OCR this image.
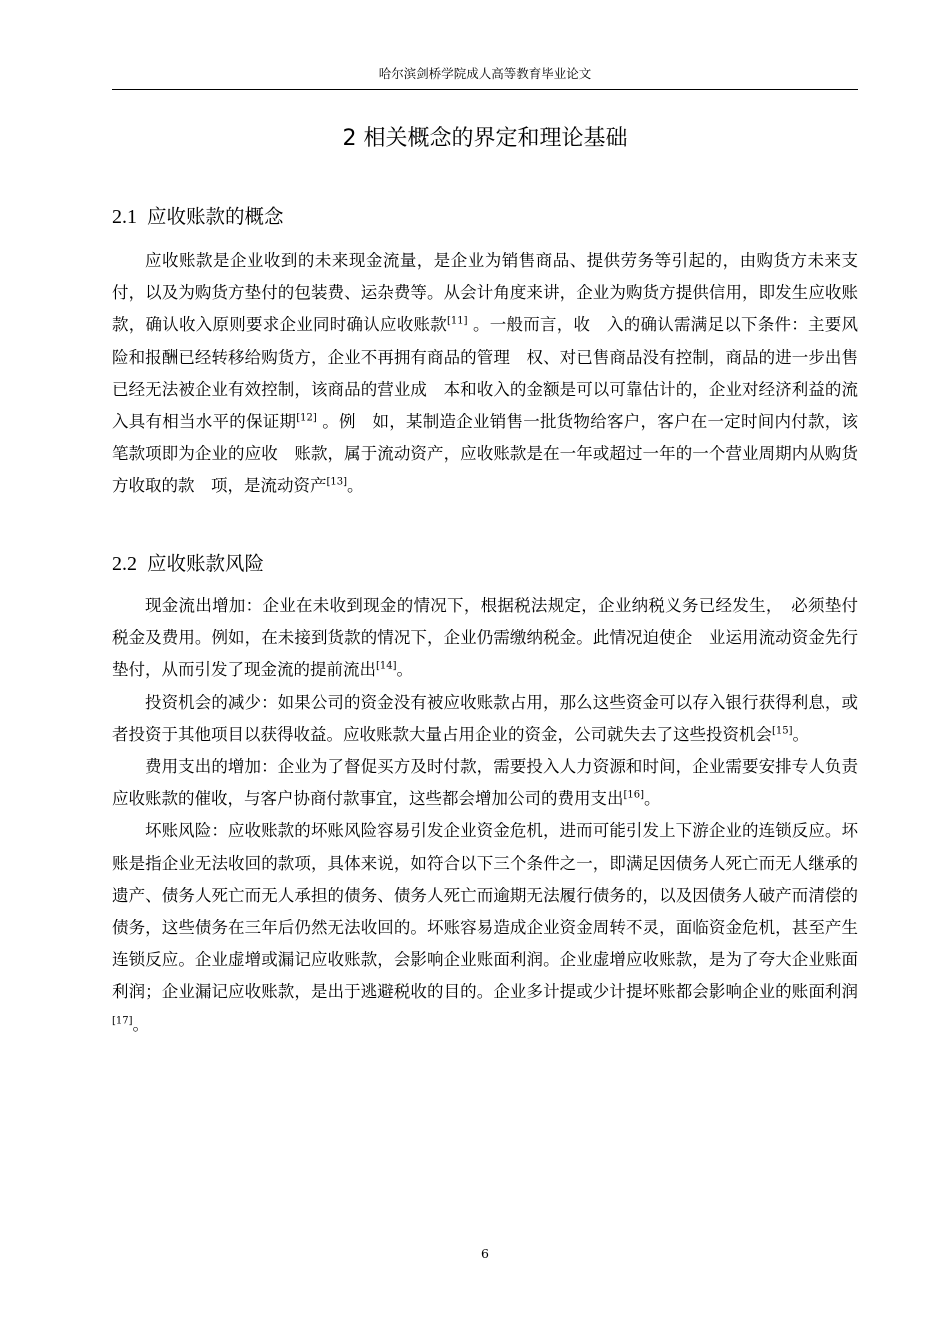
哈尔滨剑桥学院成人高等教育毕业论文
2 相关概念的界定和理论基础
2.1 应收账款的概念

应收账款是企业收到的未来现金流量，是企业为销售商品、提供劳务等引起的，由购货方未来支付，以及为购货方垫付的包装费、运杂费等。从会计角度来讲，企业为购货方提供信用，即发生应收账款，确认收入原则要求企业同时确认应收账款[11] 。一般而言，收　入的确认需满足以下条件：主要风险和报酬已经转移给购货方，企业不再拥有商品的管理　权、对已售商品没有控制，商品的进一步出售已经无法被企业有效控制，该商品的营业成　本和收入的金额是可以可靠估计的，企业对经济利益的流入具有相当水平的保证期[12] 。例　如，某制造企业销售一批货物给客户，客户在一定时间内付款，该笔款项即为企业的应收　账款，属于流动资产，应收账款是在一年或超过一年的一个营业周期内从购货方收取的款　项，是流动资产[13]。

2.2 应收账款风险

现金流出增加：企业在未收到现金的情况下，根据税法规定，企业纳税义务已经发生，　必须垫付税金及费用。例如，在未接到货款的情况下，企业仍需缴纳税金。此情况迫使企　业运用流动资金先行垫付，从而引发了现金流的提前流出[14]。

投资机会的减少：如果公司的资金没有被应收账款占用，那么这些资金可以存入银行获得利息，或者投资于其他项目以获得收益。应收账款大量占用企业的资金，公司就失去了这些投资机会[15]。

费用支出的增加：企业为了督促买方及时付款，需要投入人力资源和时间，企业需要安排专人负责应收账款的催收，与客户协商付款事宜，这些都会增加公司的费用支出[16]。

坏账风险：应收账款的坏账风险容易引发企业资金危机，进而可能引发上下游企业的连锁反应。坏账是指企业无法收回的款项，具体来说，如符合以下三个条件之一，即满足因债务人死亡而无人继承的遗产、债务人死亡而无人承担的债务、债务人死亡而逾期无法履行债务的，以及因债务人破产而清偿的债务，这些债务在三年后仍然无法收回的。坏账容易造成企业资金周转不灵，面临资金危机，甚至产生连锁反应。企业虚增或漏记应收账款，会影响企业账面利润。企业虚增应收账款，是为了夸大企业账面利润；企业漏记应收账款，是出于逃避税收的目的。企业多计提或少计提坏账都会影响企业的账面利润[17]。

6
